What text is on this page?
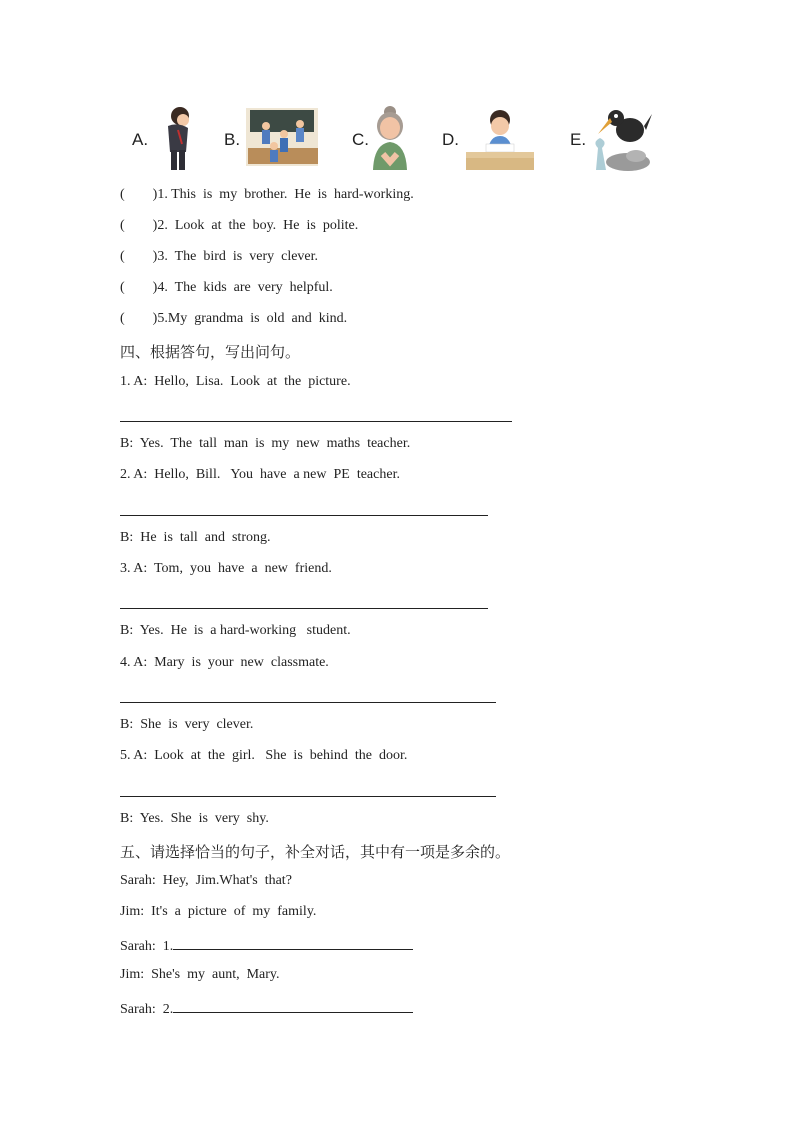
A.	B.	C.	D.	E.
(        )1. This  is  my  brother.  He  is  hard-working.
(        )2.  Look  at  the  boy.  He  is  polite.
(        )3.  The  bird  is  very  clever.
(        )4.  The  kids  are  very  helpful.
(        )5.My  grandma  is  old  and  kind.
四、根据答句，写出问句。
1. A:  Hello,  Lisa.  Look  at  the  picture.
B:  Yes.  The  tall  man  is  my  new  maths  teacher.
2. A:  Hello,  Bill.   You  have  a new  PE  teacher.
B:  He  is  tall  and  strong.
3. A:  Tom,  you  have  a  new  friend.
B:  Yes.  He  is  a hard-working   student.
4. A:  Mary  is  your  new  classmate.
B:  She  is  very  clever.
5. A:  Look  at  the  girl.   She  is  behind  the  door.
B:  Yes.  She  is  very  shy.
五、请选择恰当的句子，补全对话，其中有一项是多余的。
Sarah:  Hey,  Jim.What's  that?
Jim:  It's  a  picture  of  my  family.
Sarah:  1.
Jim:  She's  my  aunt,  Mary.
Sarah:  2.
